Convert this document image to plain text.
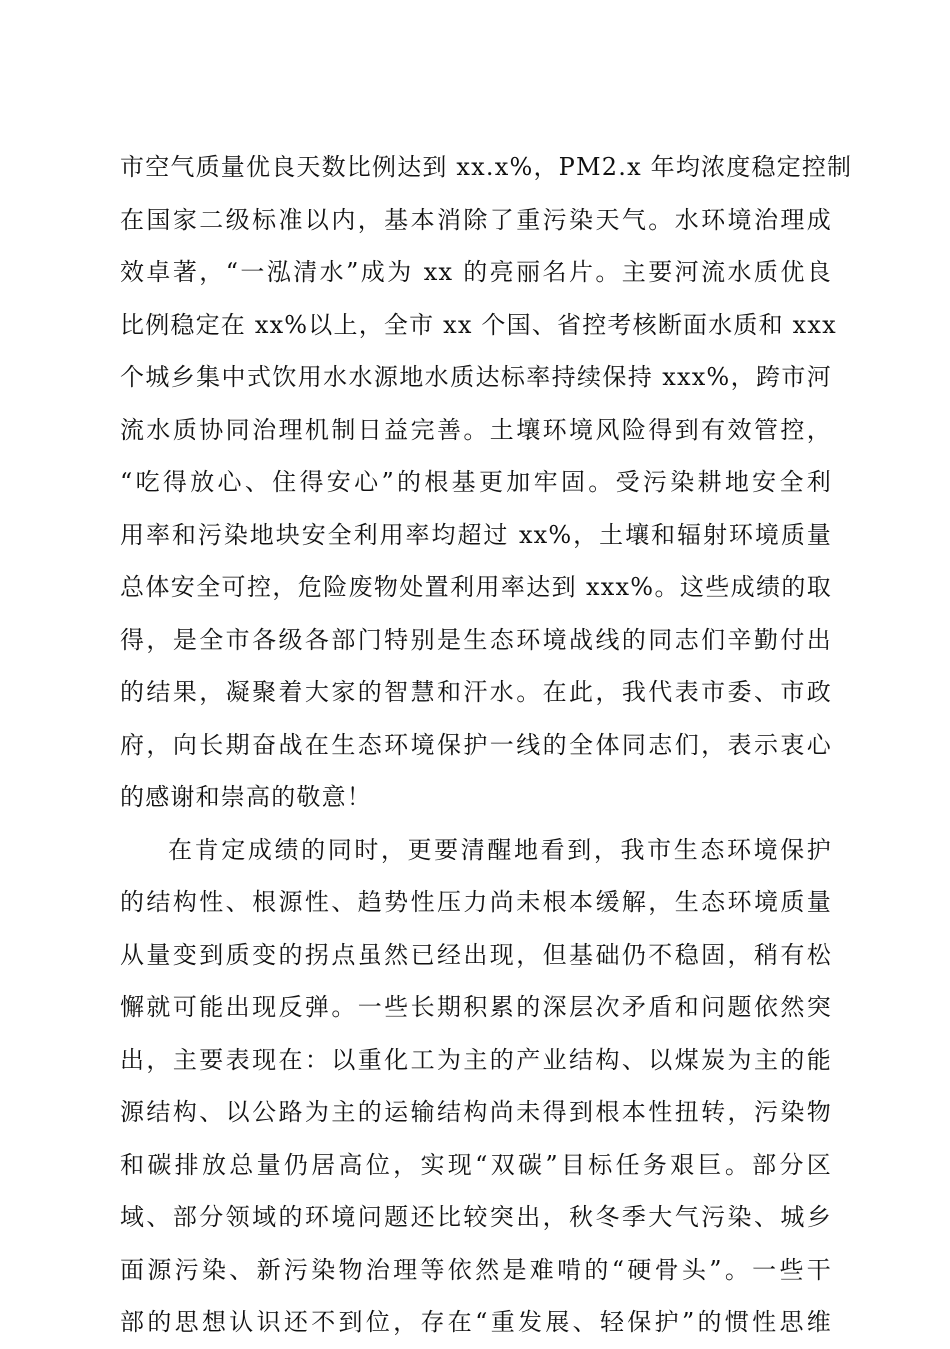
市空气质量优良天数比例达到 xx.x%，PM2.x 年均浓度稳定控制
在国家二级标准以内，基本消除了重污染天气。水环境治理成
效卓著，“一泓清水”成为 xx 的亮丽名片。主要河流水质优良
比例稳定在 xx%以上，全市 xx 个国、省控考核断面水质和 xxx
个城乡集中式饮用水水源地水质达标率持续保持 xxx%，跨市河
流水质协同治理机制日益完善。土壤环境风险得到有效管控，
“吃得放心、住得安心”的根基更加牢固。受污染耕地安全利
用率和污染地块安全利用率均超过 xx%，土壤和辐射环境质量
总体安全可控，危险废物处置利用率达到 xxx%。这些成绩的取
得，是全市各级各部门特别是生态环境战线的同志们辛勤付出
的结果，凝聚着大家的智慧和汗水。在此，我代表市委、市政
府，向长期奋战在生态环境保护一线的全体同志们，表示衷心
的感谢和崇高的敬意！
在肯定成绩的同时，更要清醒地看到，我市生态环境保护
的结构性、根源性、趋势性压力尚未根本缓解，生态环境质量
从量变到质变的拐点虽然已经出现，但基础仍不稳固，稍有松
懈就可能出现反弹。一些长期积累的深层次矛盾和问题依然突
出，主要表现在：以重化工为主的产业结构、以煤炭为主的能
源结构、以公路为主的运输结构尚未得到根本性扭转，污染物
和碳排放总量仍居高位，实现“双碳”目标任务艰巨。部分区
域、部分领域的环境问题还比较突出，秋冬季大气污染、城乡
面源污染、新污染物治理等依然是难啃的“硬骨头”。一些干
部的思想认识还不到位，存在“重发展、轻保护”的惯性思维
